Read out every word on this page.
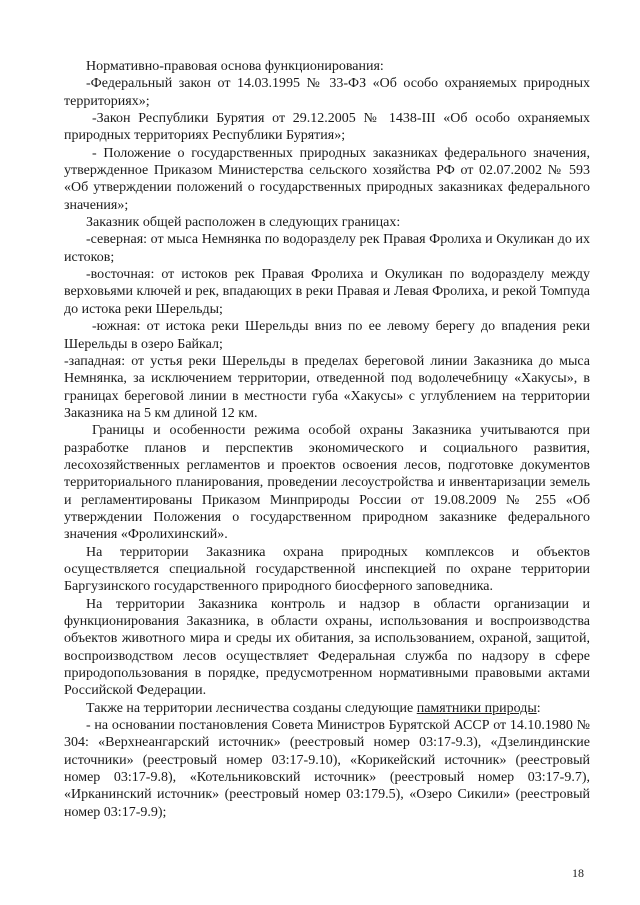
Нормативно-правовая основа функционирования:

-Федеральный закон от 14.03.1995 № 33-ФЗ «Об особо охраняемых природных территориях»;

-Закон Республики Бурятия от 29.12.2005 № 1438-III «Об особо охраняемых природных территориях Республики Бурятия»;

- Положение о государственных природных заказниках федерального значения, утвержденное Приказом Министерства сельского хозяйства РФ от 02.07.2002 № 593 «Об утверждении положений о государственных природных заказниках федерального значения»;

Заказник общей расположен в следующих границах:

-северная: от мыса Немнянка по водоразделу рек Правая Фролиха и Окуликан до их истоков;

-восточная: от истоков рек Правая Фролиха и Окуликан по водоразделу между верховьями ключей и рек, впадающих в реки Правая и Левая Фролиха, и рекой Томпуда до истока реки Шерельды;

-южная: от истока реки Шерельды вниз по ее левому берегу до впадения реки Шерельды в озеро Байкал;

-западная: от устья реки Шерельды в пределах береговой линии Заказника до мыса Немнянка, за исключением территории, отведенной под водолечебницу «Хакусы», в границах береговой линии в местности губа «Хакусы» с углублением на территории Заказника на 5 км длиной 12 км.

Границы и особенности режима особой охраны Заказника учитываются при разработке планов и перспектив экономического и социального развития, лесохозяйственных регламентов и проектов освоения лесов, подготовке документов территориального планирования, проведении лесоустройства и инвентаризации земель и регламентированы Приказом Минприроды России от 19.08.2009 № 255 «Об утверждении Положения о государственном природном заказнике федерального значения «Фролихинский».

На территории Заказника охрана природных комплексов и объектов осуществляется специальной государственной инспекцией по охране территории Баргузинского государственного природного биосферного заповедника.

На территории Заказника контроль и надзор в области организации и функционирования Заказника, в области охраны, использования и воспроизводства объектов животного мира и среды их обитания, за использованием, охраной, защитой, воспроизводством лесов осуществляет Федеральная служба по надзору в сфере природопользования в порядке, предусмотренном нормативными правовыми актами Российской Федерации.

Также на территории лесничества созданы следующие памятники природы:

- на основании постановления Совета Министров Бурятской АССР от 14.10.1980 № 304: «Верхнеангарский источник» (реестровый номер 03:17-9.3), «Дзелиндинские источники» (реестровый номер 03:17-9.10), «Корикейский источник» (реестровый номер 03:17-9.8), «Котельниковский источник» (реестровый номер 03:17-9.7), «Иркaнинский источник» (реестровый номер 03:179.5), «Озеро Сикили» (реестровый номер 03:17-9.9);

18
